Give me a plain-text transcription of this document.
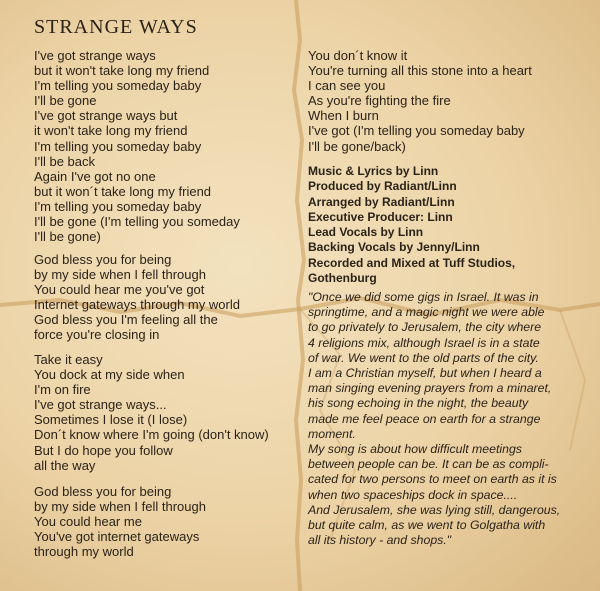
STRANGE WAYS
I've got strange ways
but it won't take long my friend
I'm telling you someday baby
I'll be gone
I've got strange ways but
it won't take long my friend
I'm telling you someday baby
I'll be back
Again I've got no one
but it won´t take long my friend
I'm telling you someday baby
I'll be gone (I'm telling you someday
I'll be gone)
God bless you for being
by my side when I fell through
You could hear me you've got
Internet gateways through my world
God bless you I'm feeling all the
force you're closing in
Take it easy
You dock at my side when
I'm on fire
I've got strange ways...
Sometimes I lose it (I lose)
Don´t know where I'm going (don't know)
But I do hope you follow
all the way
God bless you for being
by my side when I fell through
You could hear me
You've got internet gateways
through my world
You don´t know it
You're turning all this stone into a heart
I can see you
As you're fighting the fire
When I burn
I've got (I'm telling you someday baby
I'll be gone/back)
Music & Lyrics by Linn
Produced by Radiant/Linn
Arranged by Radiant/Linn
Executive Producer: Linn
Lead Vocals by Linn
Backing Vocals by Jenny/Linn
Recorded and Mixed at Tuff Studios,
Gothenburg
"Once we did some gigs in Israel. It was in
springtime, and a magic night we were able
to go privately to Jerusalem, the city where
4 religions mix, although Israel is in a state
of war. We went to the old parts of the city.
I am a Christian myself, but when I heard a
man singing evening prayers from a minaret,
his song echoing in the night, the beauty
made me feel peace on earth for a strange
moment.
My song is about how difficult meetings
between people can be. It can be as compli-
cated for two persons to meet on earth as it is
when two spaceships dock in space....
And Jerusalem, she was lying still, dangerous,
but quite calm, as we went to Golgatha with
all its history - and shops."
